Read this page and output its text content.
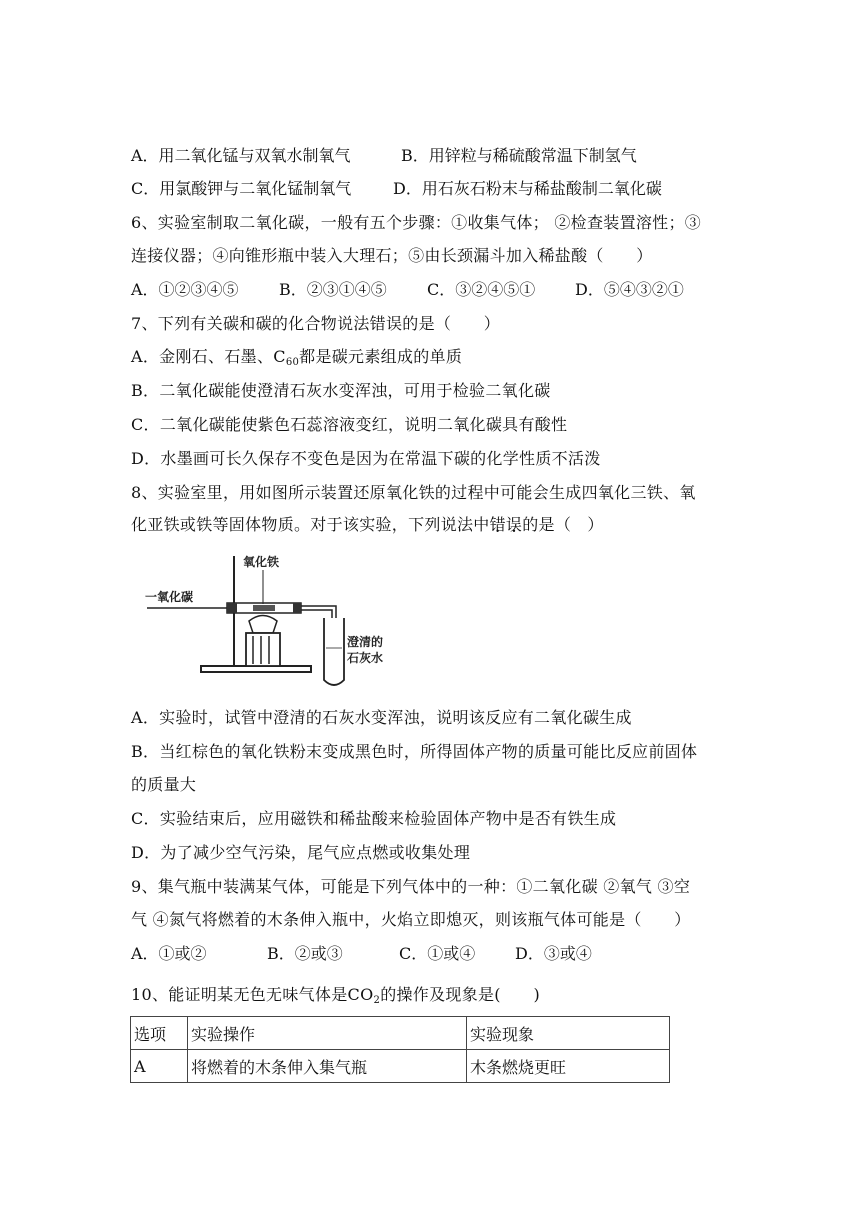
A．用二氧化锰与双氧水制氧气	B．用锌粒与稀硫酸常温下制氢气
C．用氯酸钾与二氧化锰制氧气	D．用石灰石粉末与稀盐酸制二氧化碳
6、实验室制取二氧化碳，一般有五个步骤：①收集气体； ②检查装置溶性；③
连接仪器；④向锥形瓶中装入大理石；⑤由长颈漏斗加入稀盐酸（　　）
A．①②③④⑤	B．②③①④⑤	C．③②④⑤① D．⑤④③②①
7、下列有关碳和碳的化合物说法错误的是（　　）
A．金刚石、石墨、$C_{60}$都是碳元素组成的单质
B．二氧化碳能使澄清石灰水变浑浊，可用于检验二氧化碳
C．二氧化碳能使紫色石蕊溶液变红，说明二氧化碳具有酸性
D．水墨画可长久保存不变色是因为在常温下碳的化学性质不活泼
8、实验室里，用如图所示装置还原氧化铁的过程中可能会生成四氧化三铁、氧
化亚铁或铁等固体物质。对于该实验，下列说法中错误的是（　）
一氧化碳
氧化铁
澄清的
石灰水
A．实验时，试管中澄清的石灰水变浑浊，说明该反应有二氧化碳生成
B．当红棕色的氧化铁粉末变成黑色时，所得固体产物的质量可能比反应前固体
的质量大
C．实验结束后，应用磁铁和稀盐酸来检验固体产物中是否有铁生成
D．为了减少空气污染，尾气应点燃或收集处理
9、集气瓶中装满某气体，可能是下列气体中的一种：①二氧化碳 ②氧气 ③空
气 ④氮气将燃着的木条伸入瓶中，火焰立即熄灭，则该瓶气体可能是（　　）
A．①或②	B．②或③	C．①或④ D．③或④
10、能证明某无色无味气体是$CO_2$的操作及现象是(　　)
选项	实验操作	实验现象
A	将燃着的木条伸入集气瓶	木条燃烧更旺
